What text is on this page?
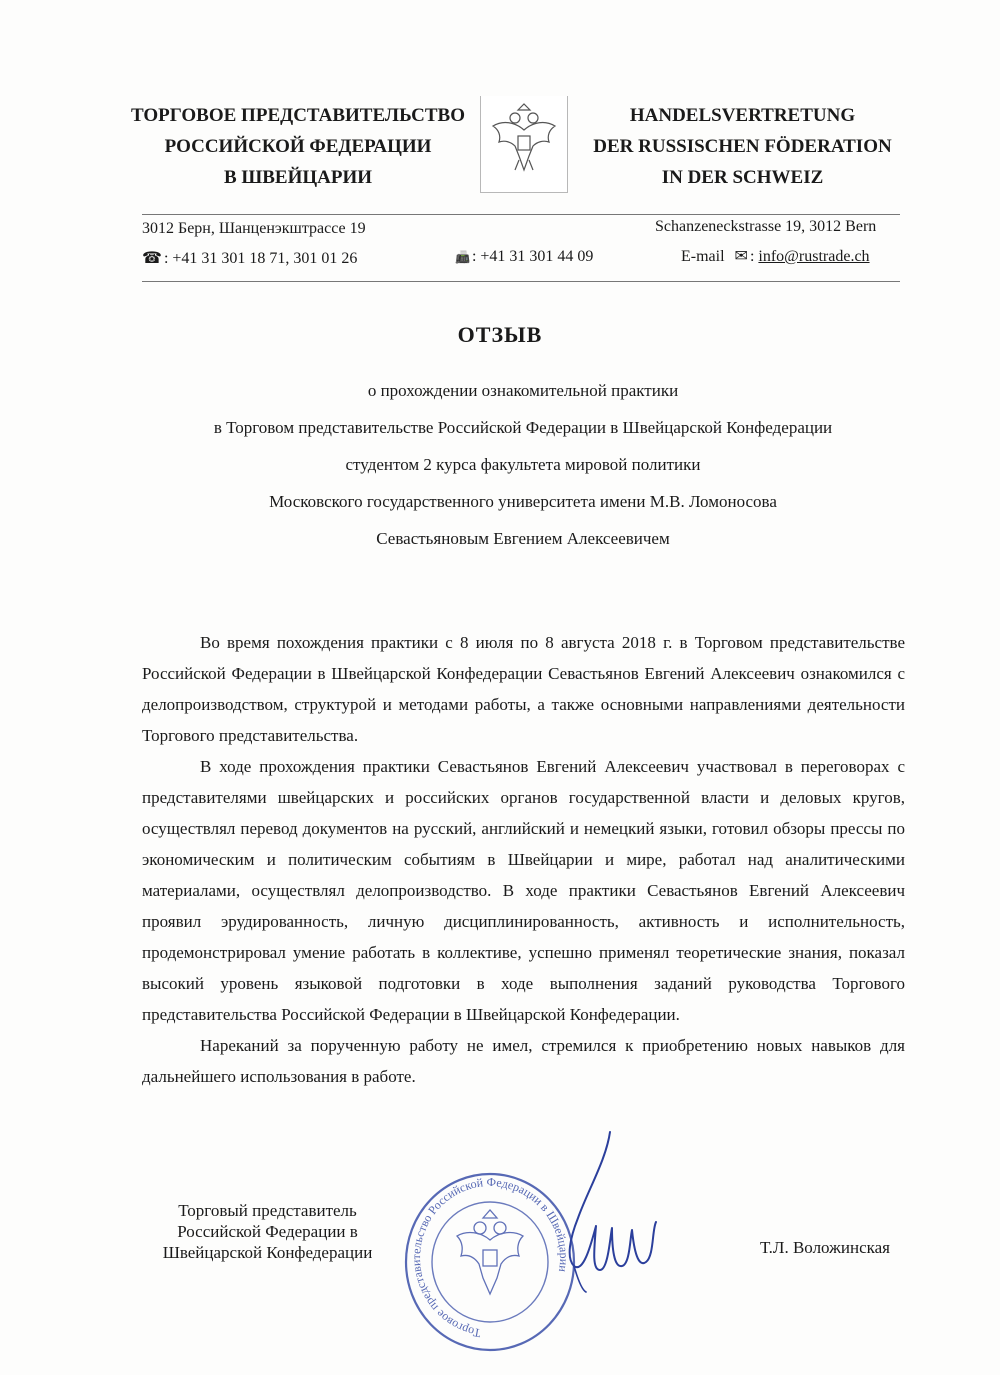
ТОРГОВОЕ ПРЕДСТАВИТЕЛЬСТВО
РОССИЙСКОЙ ФЕДЕРАЦИИ
В ШВЕЙЦАРИИ
HANDELSVERTRETUNG
DER RUSSISCHEN FÖDERATION
IN DER SCHWEIZ
3012 Берн, Шанценэкштрассе 19	Schanzeneckstrasse 19, 3012 Bern
☎ : +41 31 301 18 71, 301 01 26	📠 : +41 31 301 44 09	E-mail ✉ : info@rustrade.ch
ОТЗЫВ
о прохождении ознакомительной практики
в Торговом представительстве Российской Федерации в Швейцарской Конфедерации
студентом 2 курса факультета мировой политики
Московского государственного университета имени М.В. Ломоносова
Севастьяновым Евгением Алексеевичем

Во время похождения практики с 8 июля по 8 августа 2018 г. в Торговом представительстве Российской Федерации в Швейцарской Конфедерации Севастьянов Евгений Алексеевич ознакомился с делопроизводством, структурой и методами работы, а также основными направлениями деятельности Торгового представительства.

В ходе прохождения практики Севастьянов Евгений Алексеевич участвовал в переговорах с представителями швейцарских и российских органов государственной власти и деловых кругов, осуществлял перевод документов на русский, английский и немецкий языки, готовил обзоры прессы по экономическим и политическим событиям в Швейцарии и мире, работал над аналитическими материалами, осуществлял делопроизводство. В ходе практики Севастьянов Евгений Алексеевич проявил эрудированность, личную дисциплинированность, активность и исполнительность, продемонстрировал умение работать в коллективе, успешно применял теоретические знания, показал высокий уровень языковой подготовки в ходе выполнения заданий руководства Торгового представительства Российской Федерации в Швейцарской Конфедерации.

Нареканий за порученную работу не имел, стремился к приобретению новых навыков для дальнейшего использования в работе.

Торговый представитель
Российской Федерации в
Швейцарской Конфедерации
Торговое представительство Российской Федерации в Швейцарии
Т.Л. Воложинская
